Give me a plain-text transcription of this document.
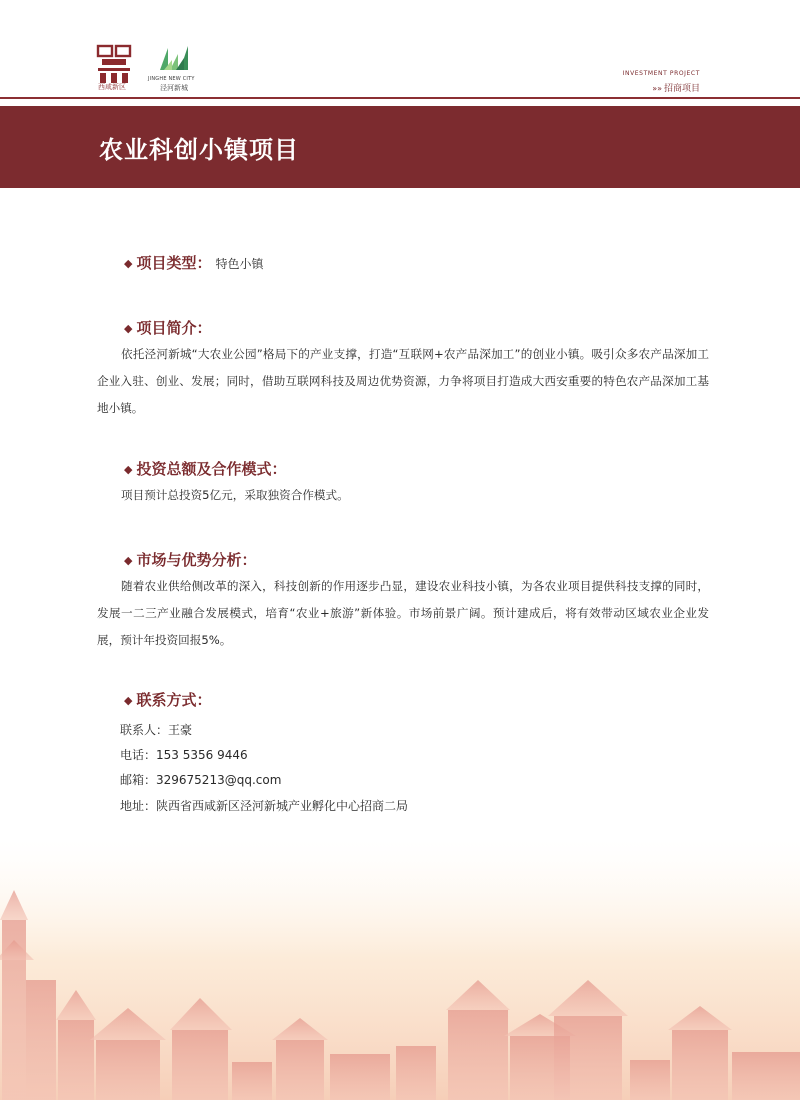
西咸新区
JINGHE NEW CITY
泾河新城
INVESTMENT PROJECT
»» 招商项目
农业科创小镇项目
◆ 项目类型： 特色小镇
◆ 项目简介：
依托泾河新城“大农业公园”格局下的产业支撑，打造“互联网+农产品深加工”的创业小镇。吸引众多农产品深加工企业入驻、创业、发展；同时，借助互联网科技及周边优势资源，力争将项目打造成大西安重要的特色农产品深加工基地小镇。
◆ 投资总额及合作模式：
项目预计总投资5亿元，采取独资合作模式。
◆ 市场与优势分析：
随着农业供给侧改革的深入，科技创新的作用逐步凸显，建设农业科技小镇，为各农业项目提供科技支撑的同时，发展一二三产业融合发展模式，培育“农业+旅游”新体验。市场前景广阔。预计建成后，将有效带动区域农业企业发展，预计年投资回报5%。
◆ 联系方式：
联系人：王豪
电话：153 5356 9446
邮箱：329675213@qq.com
地址：陕西省西咸新区泾河新城产业孵化中心招商二局
